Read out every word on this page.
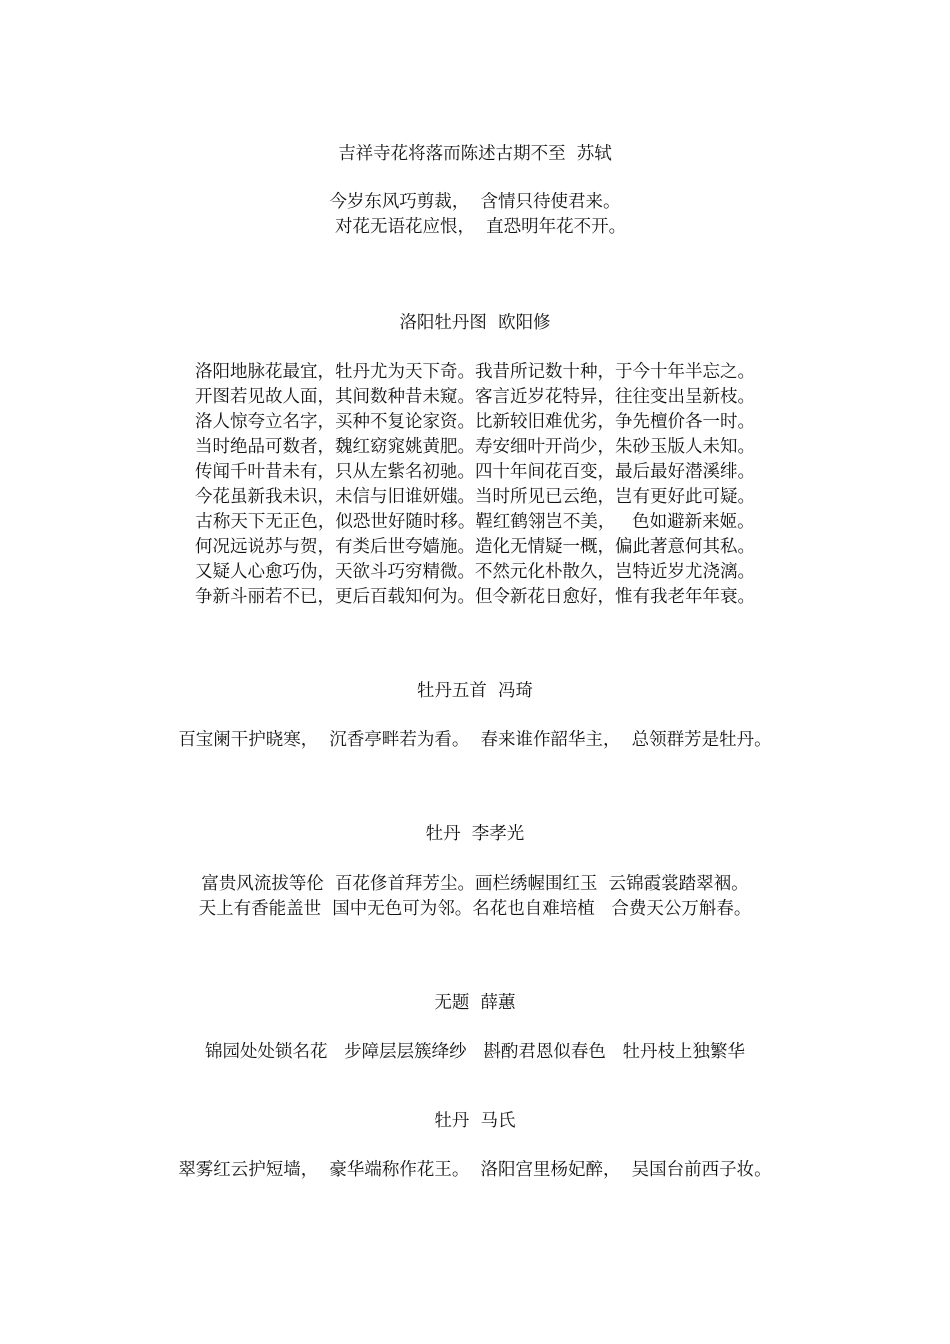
吉祥寺花将落而陈述古期不至  苏轼
今岁东风巧剪裁，  含情只待使君来。
对花无语花应恨，  直恐明年花不开。
洛阳牡丹图  欧阳修
洛阳地脉花最宜，牡丹尤为天下奇。我昔所记数十种，于今十年半忘之。
开图若见故人面，其间数种昔未窥。客言近岁花特异，往往变出呈新枝。
洛人惊夸立名字，买种不复论家资。比新较旧难优劣，争先檀价各一时。
当时绝品可数者，魏红窈窕姚黄肥。寿安细叶开尚少，朱砂玉版人未知。
传闻千叶昔未有，只从左紫名初驰。四十年间花百变，最后最好潜溪绯。
今花虽新我未识，未信与旧谁妍媸。当时所见已云绝，岂有更好此可疑。
古称天下无正色，似恐世好随时移。鞓红鹤翎岂不美，   色如避新来姬。
何况远说苏与贺，有类后世夸嫱施。造化无情疑一概，偏此著意何其私。
又疑人心愈巧伪，天欲斗巧穷精微。不然元化朴散久，岂特近岁尤浇漓。
争新斗丽若不已，更后百载知何为。但令新花日愈好，惟有我老年年衰。
牡丹五首  冯琦
百宝阑干护晓寒，  沉香亭畔若为看。  春来谁作韶华主，  总领群芳是牡丹。
牡丹  李孝光
富贵风流拔等伦  百花俢首拜芳尘。画栏绣幄围红玉  云锦霞裳踏翠裀。
天上有香能盖世  国中无色可为邻。名花也自难培植   合费天公万斛春。
无题  薛蕙
锦园处处锁名花   步障层层簇绛纱   斟酌君恩似春色   牡丹枝上独繁华
牡丹  马氏
翠雾红云护短墙，  豪华端称作花王。  洛阳宫里杨妃醉，  吴国台前西子妆。
